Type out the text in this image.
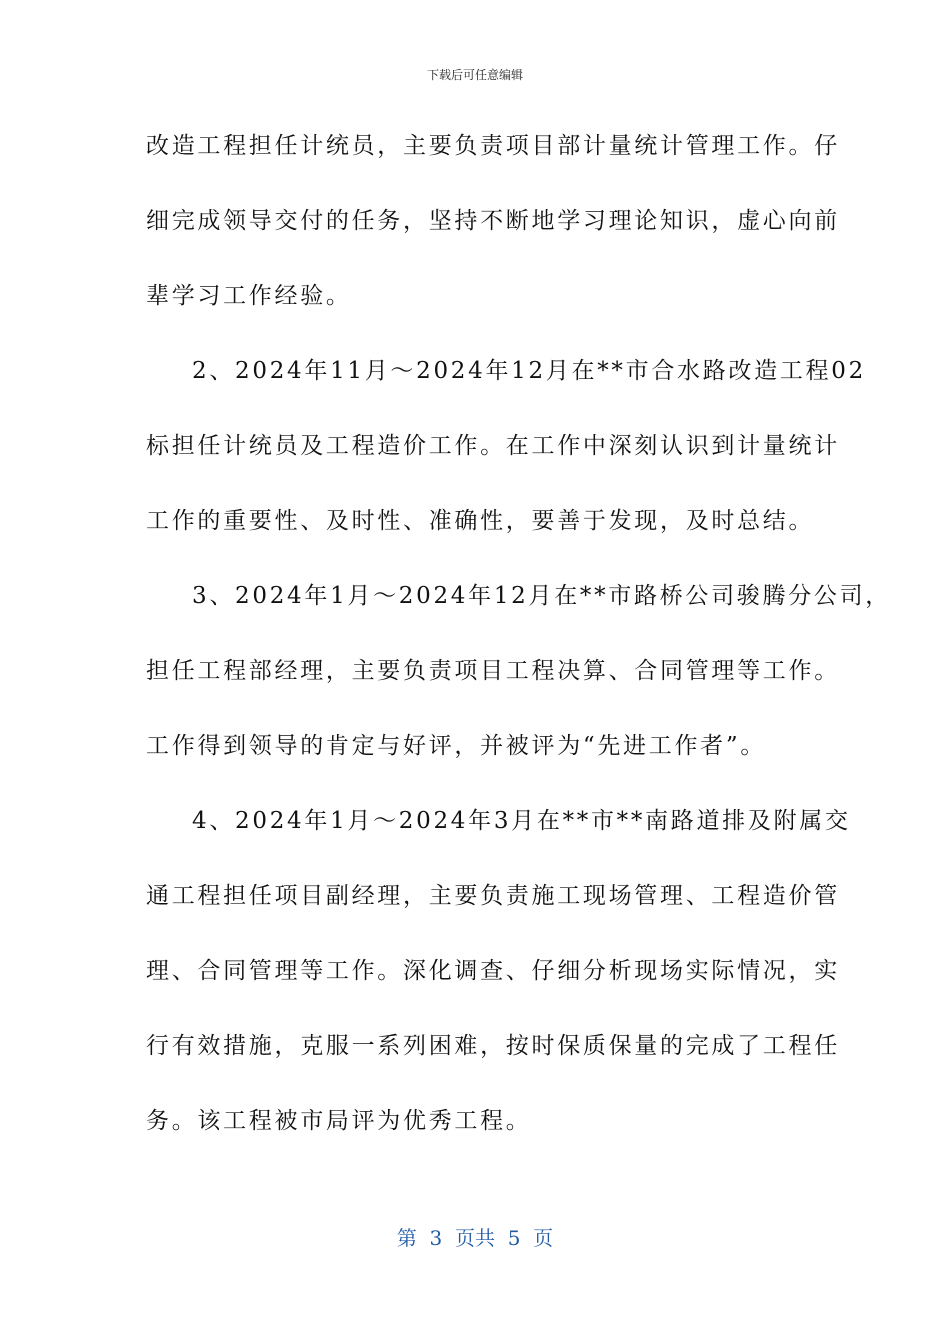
下载后可任意编辑
改造工程担任计统员，主要负责项目部计量统计管理工作。仔
细完成领导交付的任务，坚持不断地学习理论知识，虚心向前
辈学习工作经验。
2、2024年11月～2024年12月在**市合水路改造工程02
标担任计统员及工程造价工作。在工作中深刻认识到计量统计
工作的重要性、及时性、准确性，要善于发现，及时总结。
3、2024年1月～2024年12月在**市路桥公司骏腾分公司，
担任工程部经理，主要负责项目工程决算、合同管理等工作。
工作得到领导的肯定与好评，并被评为“先进工作者”。
4、2024年1月～2024年3月在**市**南路道排及附属交
通工程担任项目副经理，主要负责施工现场管理、工程造价管
理、合同管理等工作。深化调查、仔细分析现场实际情况，实
行有效措施，克服一系列困难，按时保质保量的完成了工程任
务。该工程被市局评为优秀工程。
第  3  页共  5  页
